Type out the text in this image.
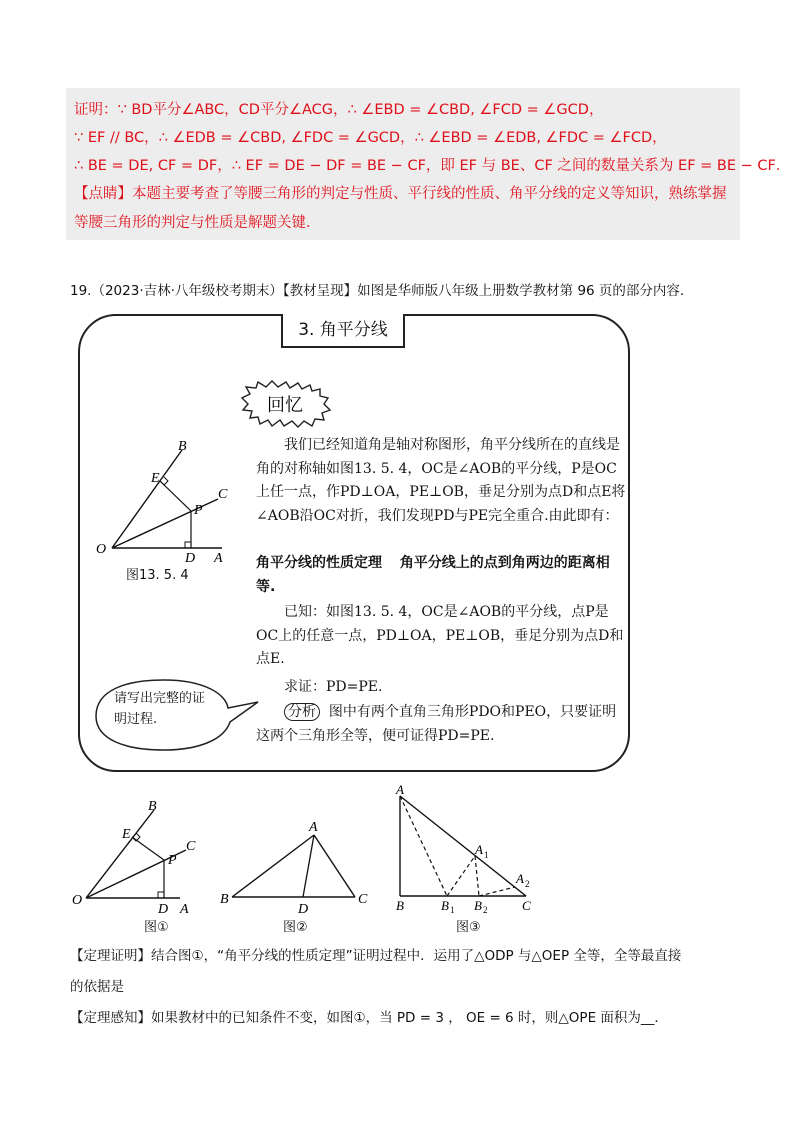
证明：∵ BD平分∠ABC，CD平分∠ACG，∴ ∠EBD = ∠CBD, ∠FCD = ∠GCD，
∵ EF // BC，∴ ∠EDB = ∠CBD, ∠FDC = ∠GCD，∴ ∠EBD = ∠EDB, ∠FDC = ∠FCD，
∴ BE = DE, CF = DF，∴ EF = DE − DF = BE − CF，即 EF 与 BE、CF 之间的数量关系为 EF = BE − CF．
【点睛】本题主要考查了等腰三角形的判定与性质、平行线的性质、角平分线的定义等知识，熟练掌握等腰三角形的判定与性质是解题关键．
19.（2023·吉林·八年级校考期末）【教材呈现】如图是华师版八年级上册数学教材第 96 页的部分内容．
3. 角平分线
回忆
我们已经知道角是轴对称图形，角平分线所在的直线是角的对称轴如图13. 5. 4，OC是∠AOB的平分线，P是OC上任一点，作PD⊥OA，PE⊥OB，垂足分别为点D和点E将∠AOB沿OC对折，我们发现PD与PE完全重合.由此即有：
角平分线的性质定理 角平分线上的点到角两边的距离相等.
已知：如图13. 5. 4，OC是∠AOB的平分线，点P是OC上的任意一点，PD⊥OA，PE⊥OB，垂足分别为点D和点E.
求证：PD=PE.
分析 图中有两个直角三角形PDO和PEO，只要证明这两个三角形全等，便可证得PD=PE.
B
E
C
P
O
D A
图13. 5. 4
请写出完整的证明过程.
B
E
C
P
O
D A
图①
A
B	C
D
图②
A
A 1
A 2
B	B 1 B 2	C
图③
【定理证明】结合图①，“角平分线的性质定理”证明过程中．运用了△ODP 与△OEP 全等，全等最直接
的依据是
【定理感知】如果教材中的已知条件不变，如图①，当 PD = 3 ， OE = 6 时，则△OPE 面积为__．
